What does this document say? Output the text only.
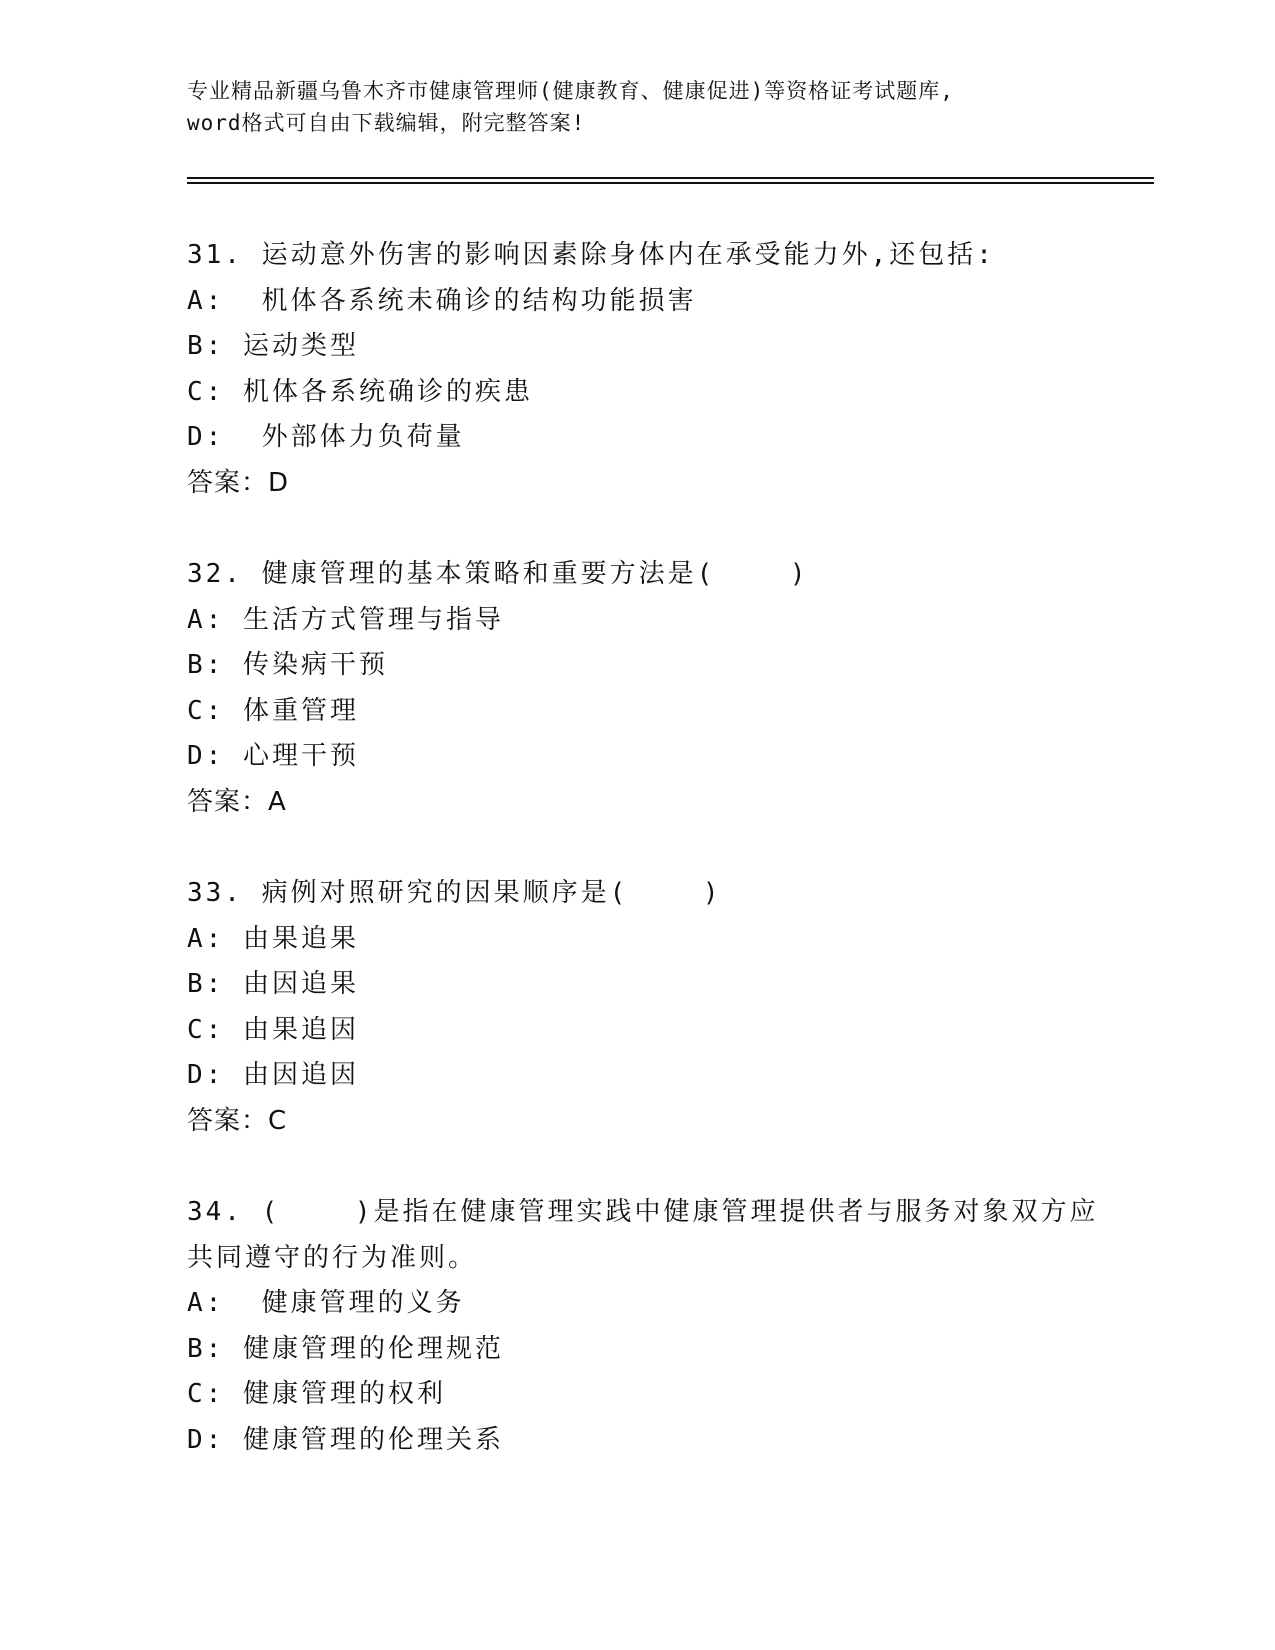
专业精品新疆乌鲁木齐市健康管理师(健康教育、健康促进)等资格证考试题库,
word格式可自由下载编辑，附完整答案!
31. 运动意外伤害的影响因素除身体内在承受能力外,还包括:
A:  机体各系统未确诊的结构功能损害
B: 运动类型
C: 机体各系统确诊的疾患
D:  外部体力负荷量
答案：D
32. 健康管理的基本策略和重要方法是(    )
A: 生活方式管理与指导
B: 传染病干预
C: 体重管理
D: 心理干预
答案：A
33. 病例对照研究的因果顺序是(    )
A: 由果追果
B: 由因追果
C: 由果追因
D: 由因追因
答案：C
34. (    )是指在健康管理实践中健康管理提供者与服务对象双方应
共同遵守的行为准则。
A:  健康管理的义务
B: 健康管理的伦理规范
C: 健康管理的权利
D: 健康管理的伦理关系
